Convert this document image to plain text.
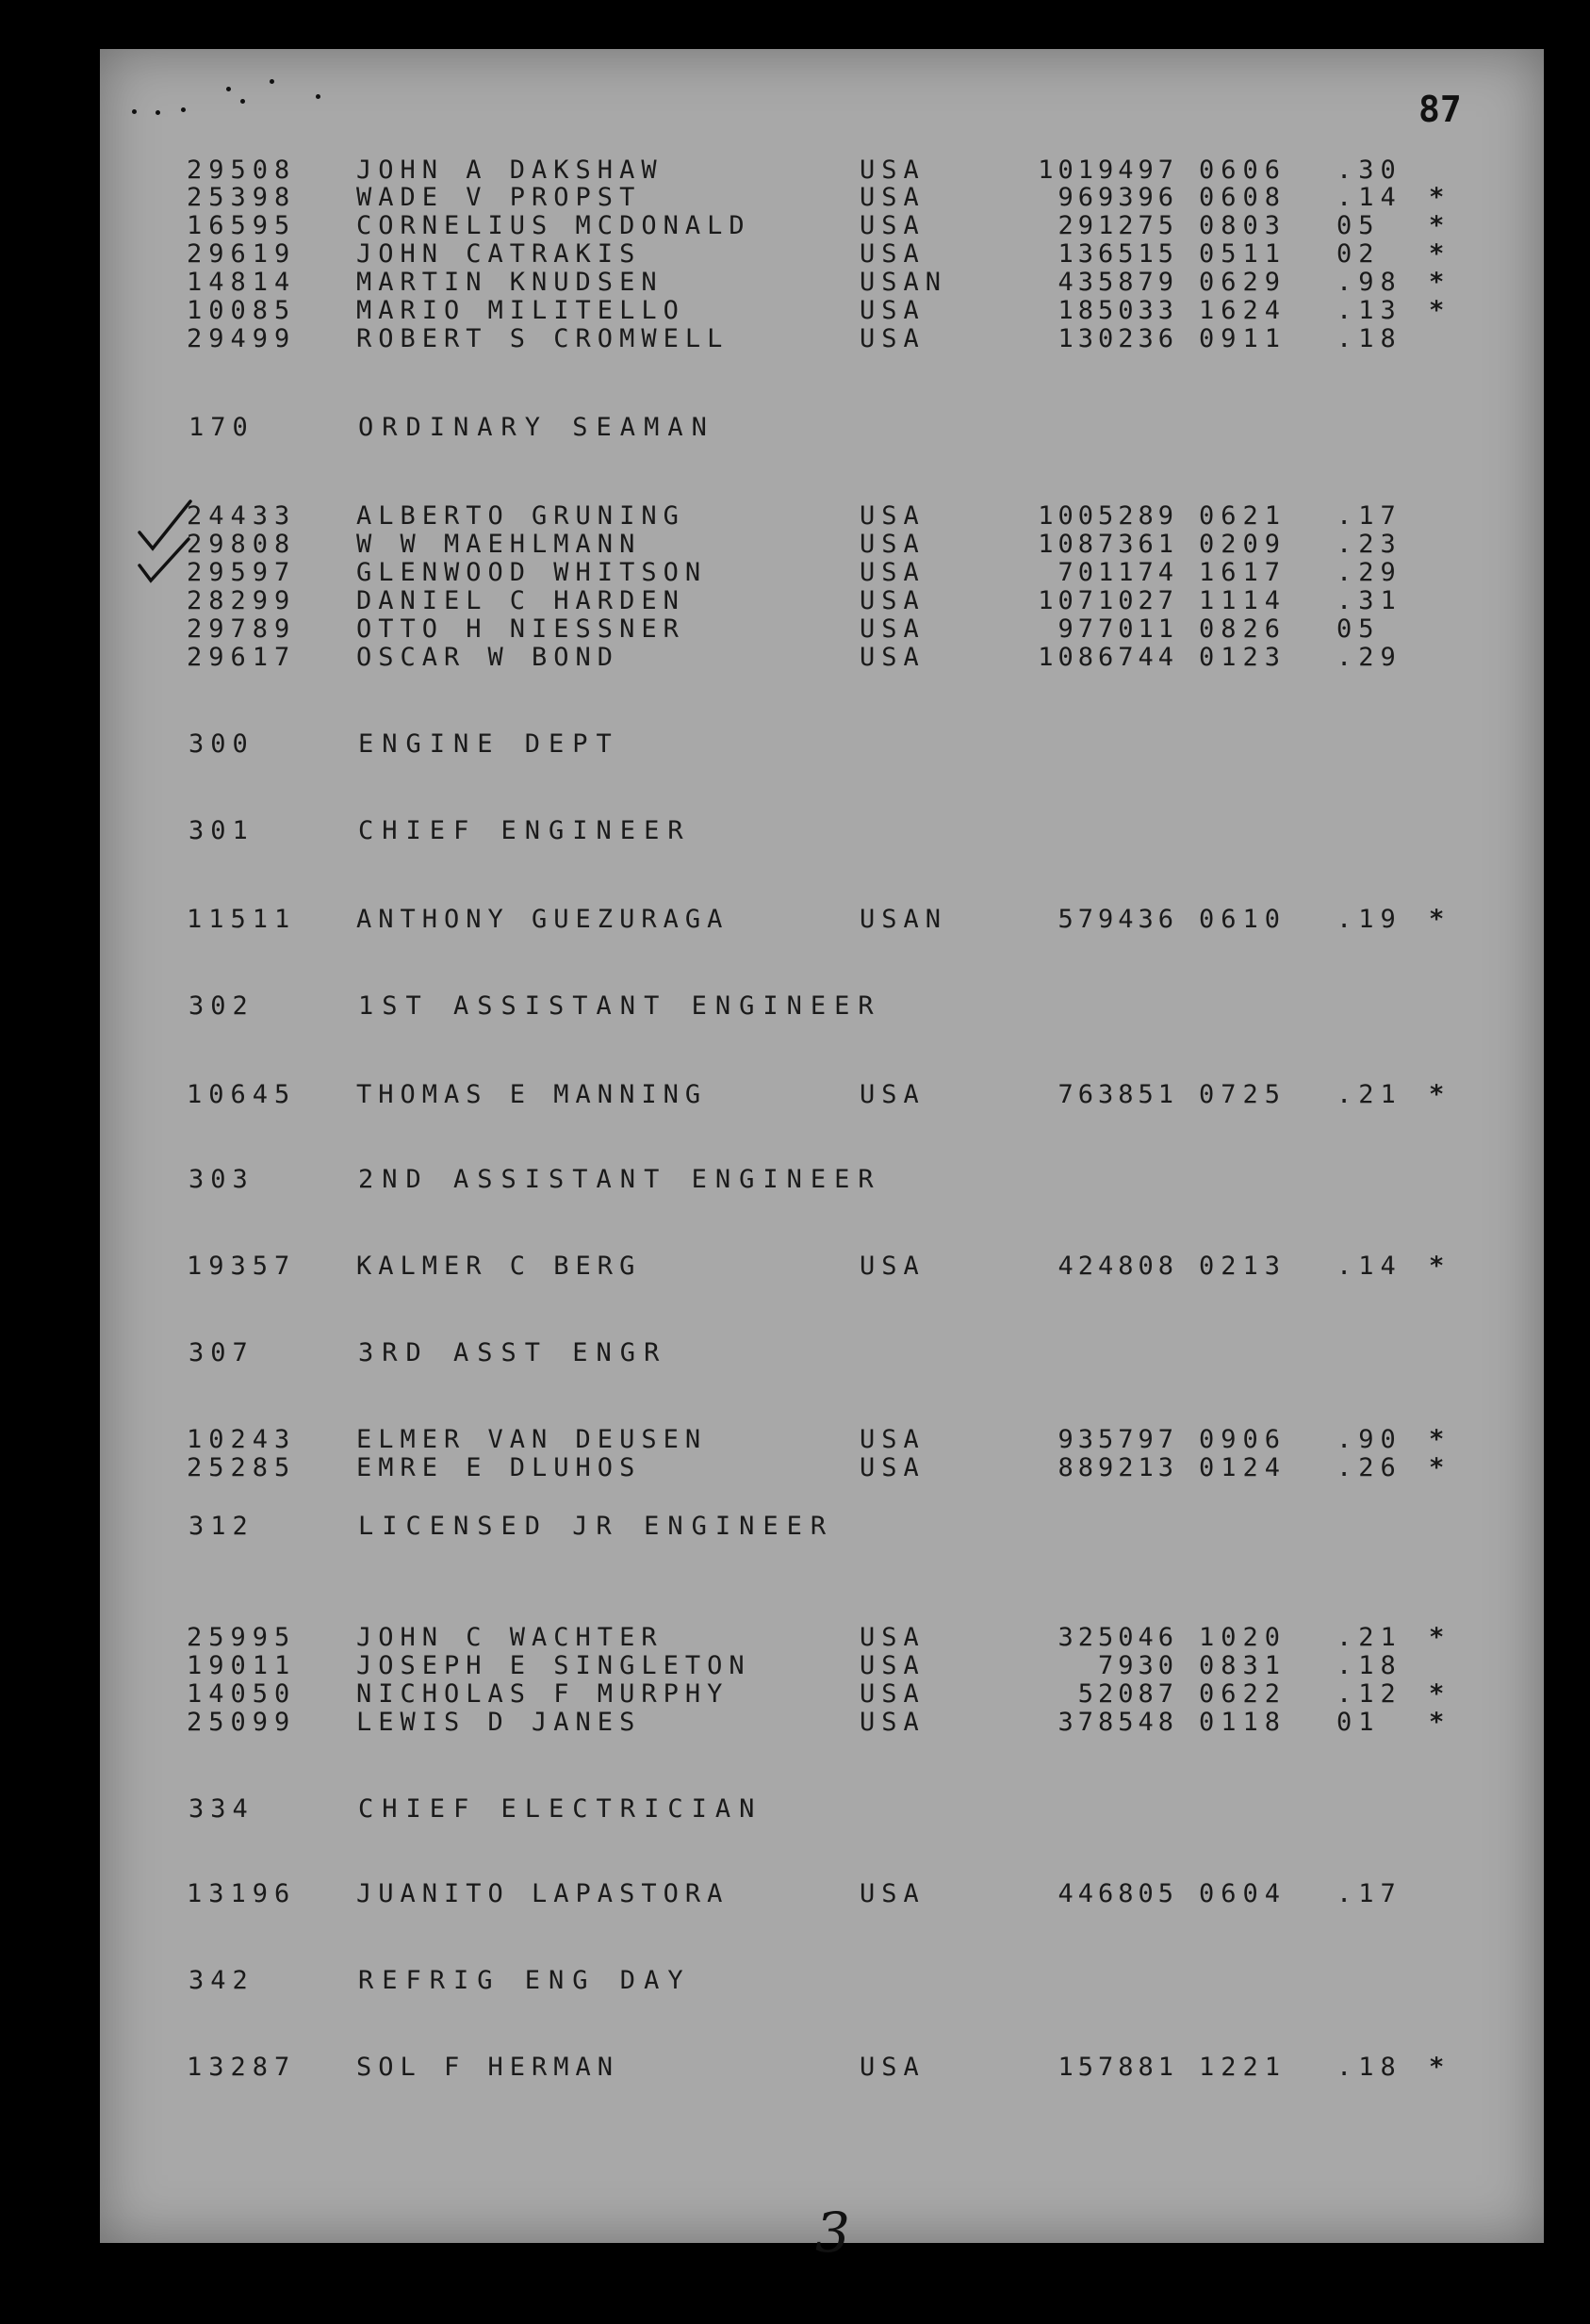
87
29508 JOHN A DAKSHAW	USA	1019497 0606 .30
25398 WADE V PROPST	USA	969396 0608 .14 *
16595 CORNELIUS MCDONALD	USA	291275 0803 05 *
29619 JOHN CATRAKIS	USA	136515 0511 02 *
14814 MARTIN KNUDSEN	USAN	435879 0629 .98 *
10085 MARIO MILITELLO	USA	185033 1624 .13 *
29499 ROBERT S CROMWELL	USA	130236 0911 .18
170	ORDINARY SEAMAN
24433 ALBERTO GRUNING	USA	1005289 0621 .17
29808 W W MAEHLMANN	USA	1087361 0209 .23
29597 GLENWOOD WHITSON	USA	701174 1617 .29
28299 DANIEL C HARDEN	USA	1071027 1114 .31
29789 OTTO H NIESSNER	USA	977011 0826 05
29617 OSCAR W BOND	USA	1086744 0123 .29
300	ENGINE DEPT
301	CHIEF ENGINEER
11511 ANTHONY GUEZURAGA	USAN	579436 0610 .19 *
302	1ST ASSISTANT ENGINEER
10645 THOMAS E MANNING	USA	763851 0725 .21 *
303	2ND ASSISTANT ENGINEER
19357 KALMER C BERG	USA	424808 0213 .14 *
307	3RD ASST ENGR
10243 ELMER VAN DEUSEN	USA	935797 0906 .90 *
25285 EMRE E DLUHOS	USA	889213 0124 .26 *
312	LICENSED JR ENGINEER
25995 JOHN C WACHTER	USA	325046 1020 .21 *
19011 JOSEPH E SINGLETON	USA	7930 0831 .18
14050 NICHOLAS F MURPHY	USA	52087 0622 .12 *
25099 LEWIS D JANES	USA	378548 0118 01 *
334	CHIEF ELECTRICIAN
13196 JUANITO LAPASTORA	USA	446805 0604 .17
342	REFRIG ENG DAY
13287 SOL F HERMAN	USA	157881 1221 .18 *
3
